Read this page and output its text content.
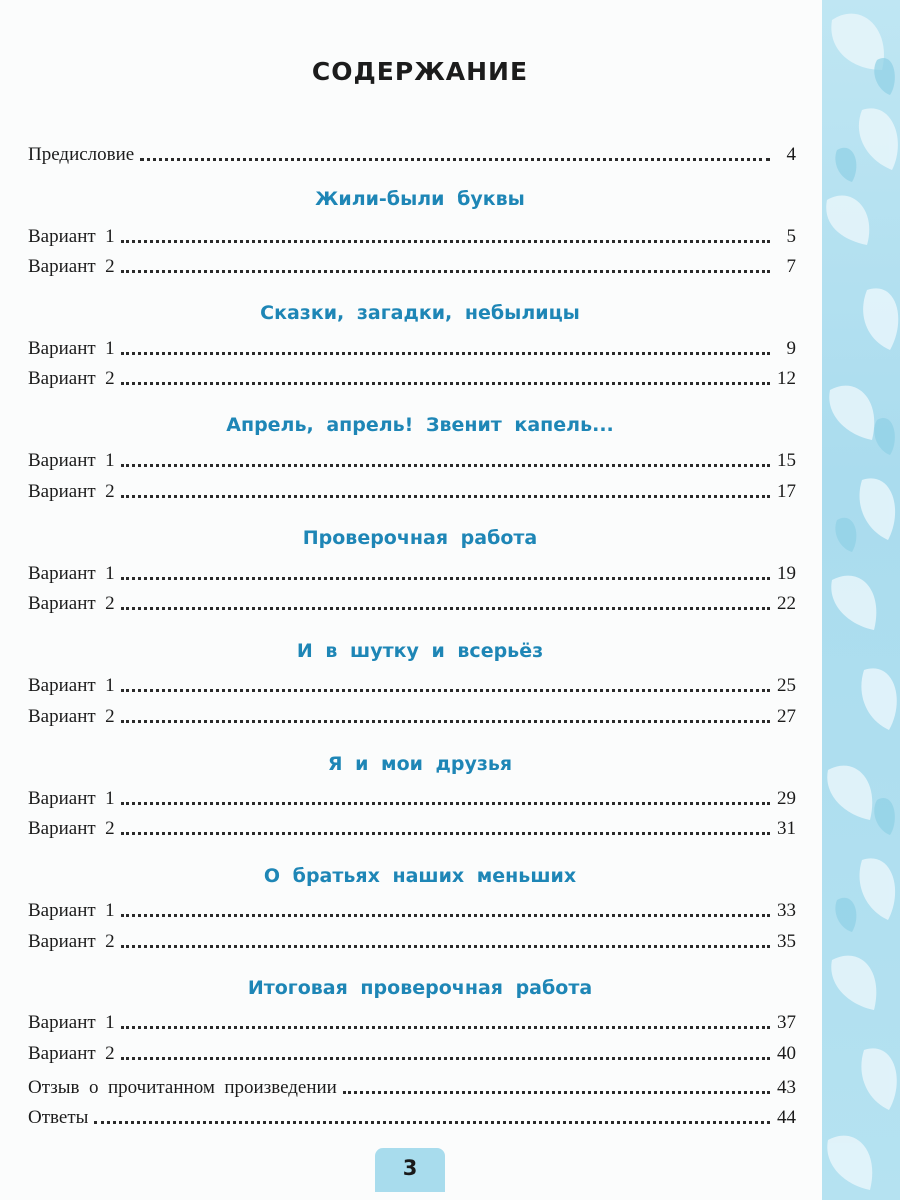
СОДЕРЖАНИЕ
Предисловие	4
Жили-были буквы
Вариант  1	5
Вариант  2	7
Сказки, загадки, небылицы
Вариант  1	9
Вариант  2	12
Апрель, апрель! Звенит капель...
Вариант  1	15
Вариант  2	17
Проверочная работа
Вариант  1	19
Вариант  2	22
И в шутку и всерьёз
Вариант  1	25
Вариант  2	27
Я и мои друзья
Вариант  1	29
Вариант  2	31
О братьях наших меньших
Вариант  1	33
Вариант  2	35
Итоговая проверочная работа
Вариант  1	37
Вариант  2	40
Отзыв  о  прочитанном  произведении	43
Ответы	44
3
